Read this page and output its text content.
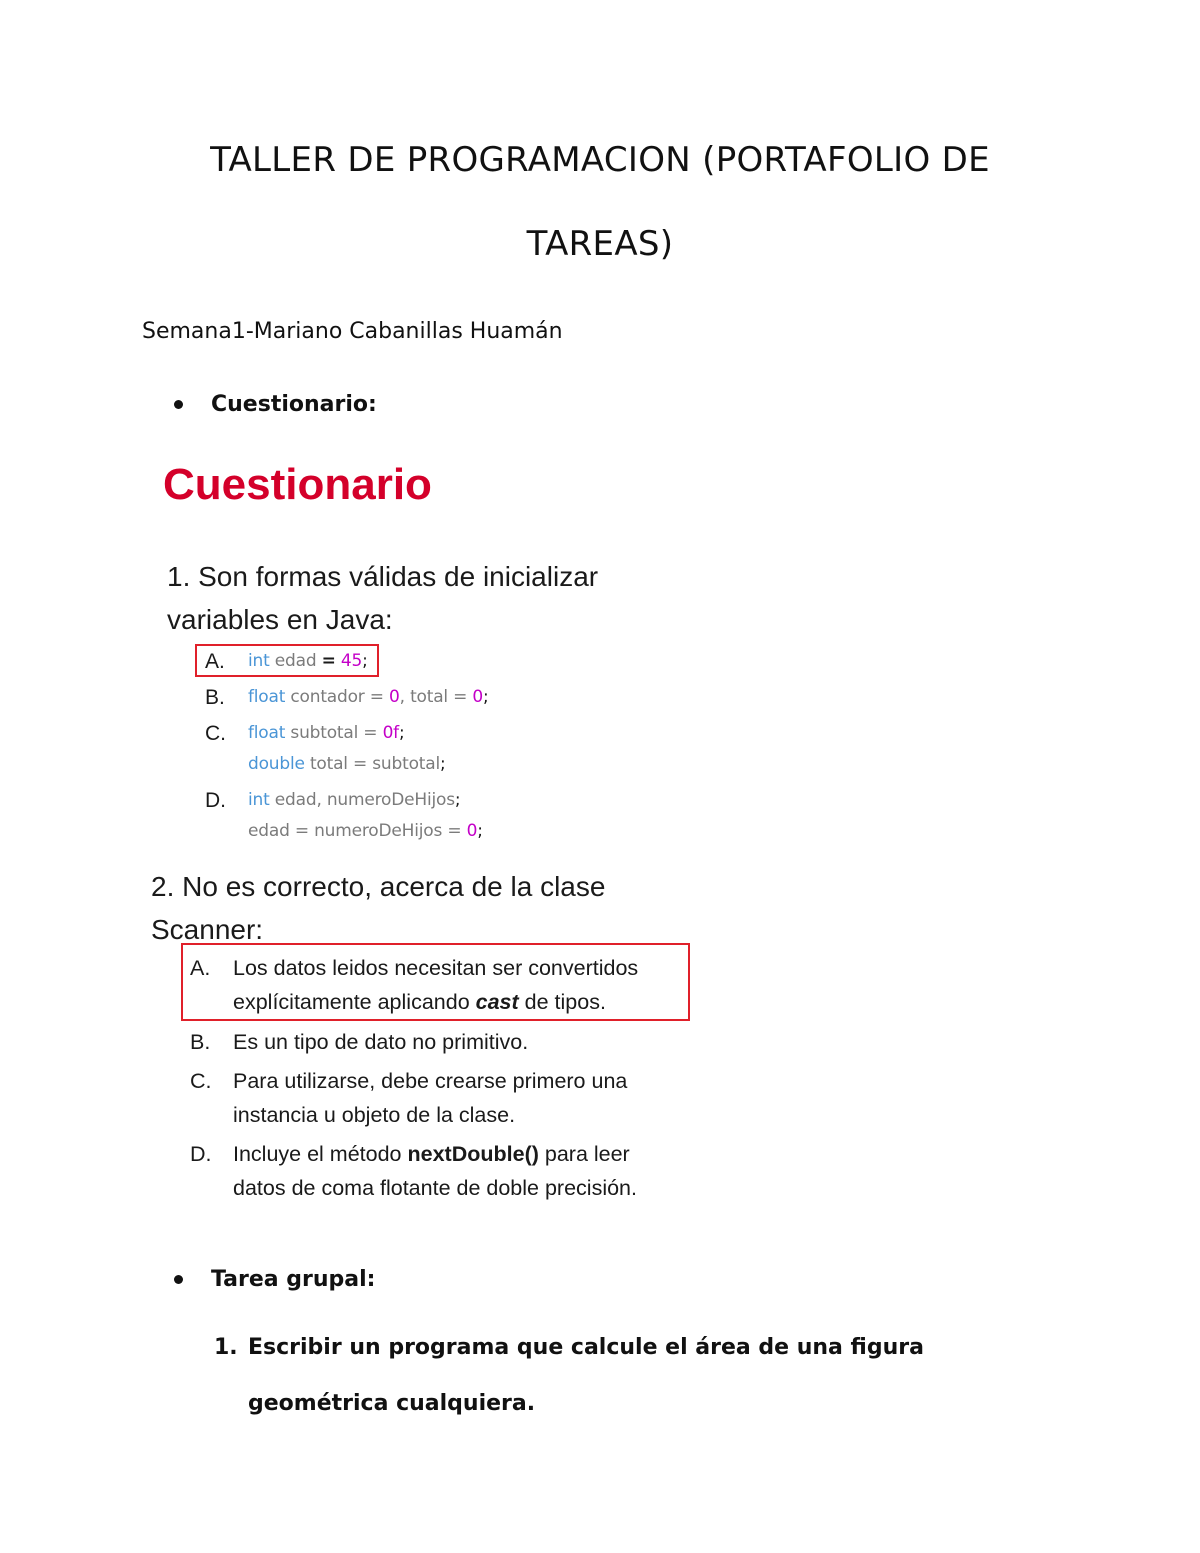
TALLER DE PROGRAMACION (PORTAFOLIO DE
TAREAS)
Semana1-Mariano Cabanillas Huamán
Cuestionario:
Cuestionario

1. Son formas válidas de inicializar variables en Java:

A.	int edad = 45;
B.	float contador = 0, total = 0;
C.	float subtotal = 0f;
double total = subtotal;
D.	int edad, numeroDeHijos;
edad = numeroDeHijos = 0;

2. No es correcto, acerca de la clase Scanner:

A.	Los datos leidos necesitan ser convertidos explícitamente aplicando cast de tipos.
B.	Es un tipo de dato no primitivo.
C.	Para utilizarse, debe crearse primero una instancia u objeto de la clase.
D.	Incluye el método nextDouble() para leer datos de coma flotante de doble precisión.
Tarea grupal:
1. Escribir un programa que calcule el área de una figura geométrica cualquiera.
